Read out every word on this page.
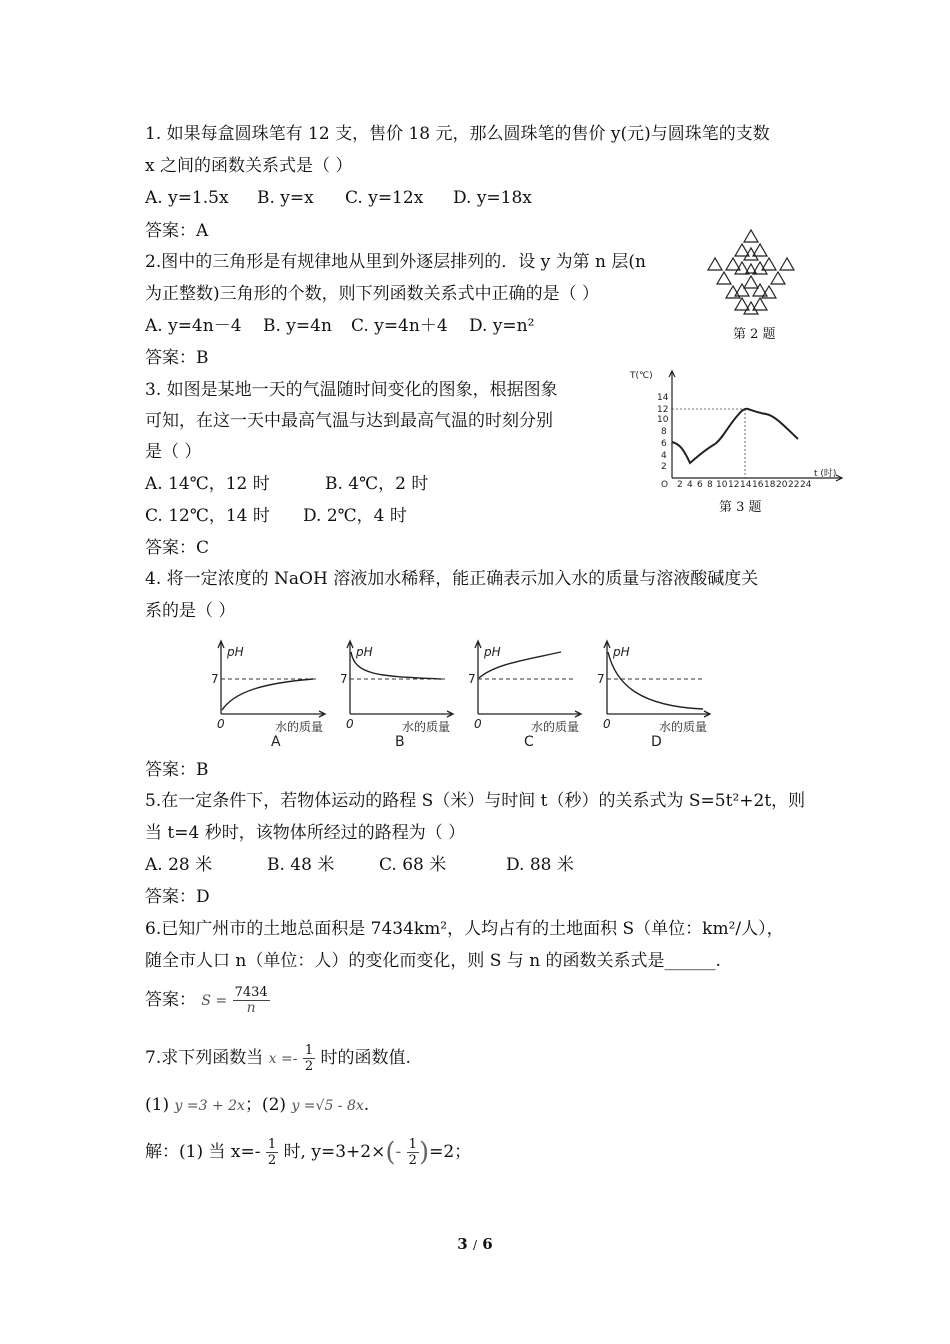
1. 如果每盒圆珠笔有 12 支，售价 18 元，那么圆珠笔的售价 y(元)与圆珠笔的支数
x 之间的函数关系式是（ ）
A. y=1.5x B. y=x C. y=12x D. y=18x
答案：A
2.图中的三角形是有规律地从里到外逐层排列的．设 y 为第 n 层(n
为正整数)三角形的个数，则下列函数关系式中正确的是（ ）
A. y=4n－4 B. y=4n C. y=4n＋4 D. y=n²
答案：B
第 2 题
3. 如图是某地一天的气温随时间变化的图象，根据图象
可知，在这一天中最高气温与达到最高气温的时刻分别
是（ ）
A. 14℃，12 时	B. 4℃，2 时
C. 12℃，14 时 D. 2℃，4 时
答案：C
T(℃)
t (时)
O
2
4
6
8
10
12
14
2 4 6 8 10 12 14 16 18 20 22 24
第 3 题
4. 将一定浓度的 NaOH 溶液加水稀释，能正确表示加入水的质量与溶液酸碱度关
系的是（ ）
pH	pH	pH	pH
7	7	7	7
0	0	0	0
水的质量	水的质量	水的质量	水的质量
A	B	C	D
答案：B
5.在一定条件下，若物体运动的路程 S（米）与时间 t（秒）的关系式为 S=5t²+2t，则
当 t=4 秒时，该物体所经过的路程为（ ）
A. 28 米	B. 48 米	C. 68 米	D. 88 米
答案：D
6.已知广州市的土地总面积是 7434km²，人均占有的土地面积 S（单位：km²/人），
随全市人口 n（单位：人）的变化而变化，则 S 与 n 的函数关系式是______.
答案： $S = \frac{7434}{n}$
7.求下列函数当 $x =- \frac{1}{2}$ 时的函数值.
(1) y =3 + 2x；(2) y =√5 - 8x.
解：(1) 当 $x=- \frac{1}{2}$ 时, $y=3+2\times(- \frac{1}{2} )=2$；
3 / 6
